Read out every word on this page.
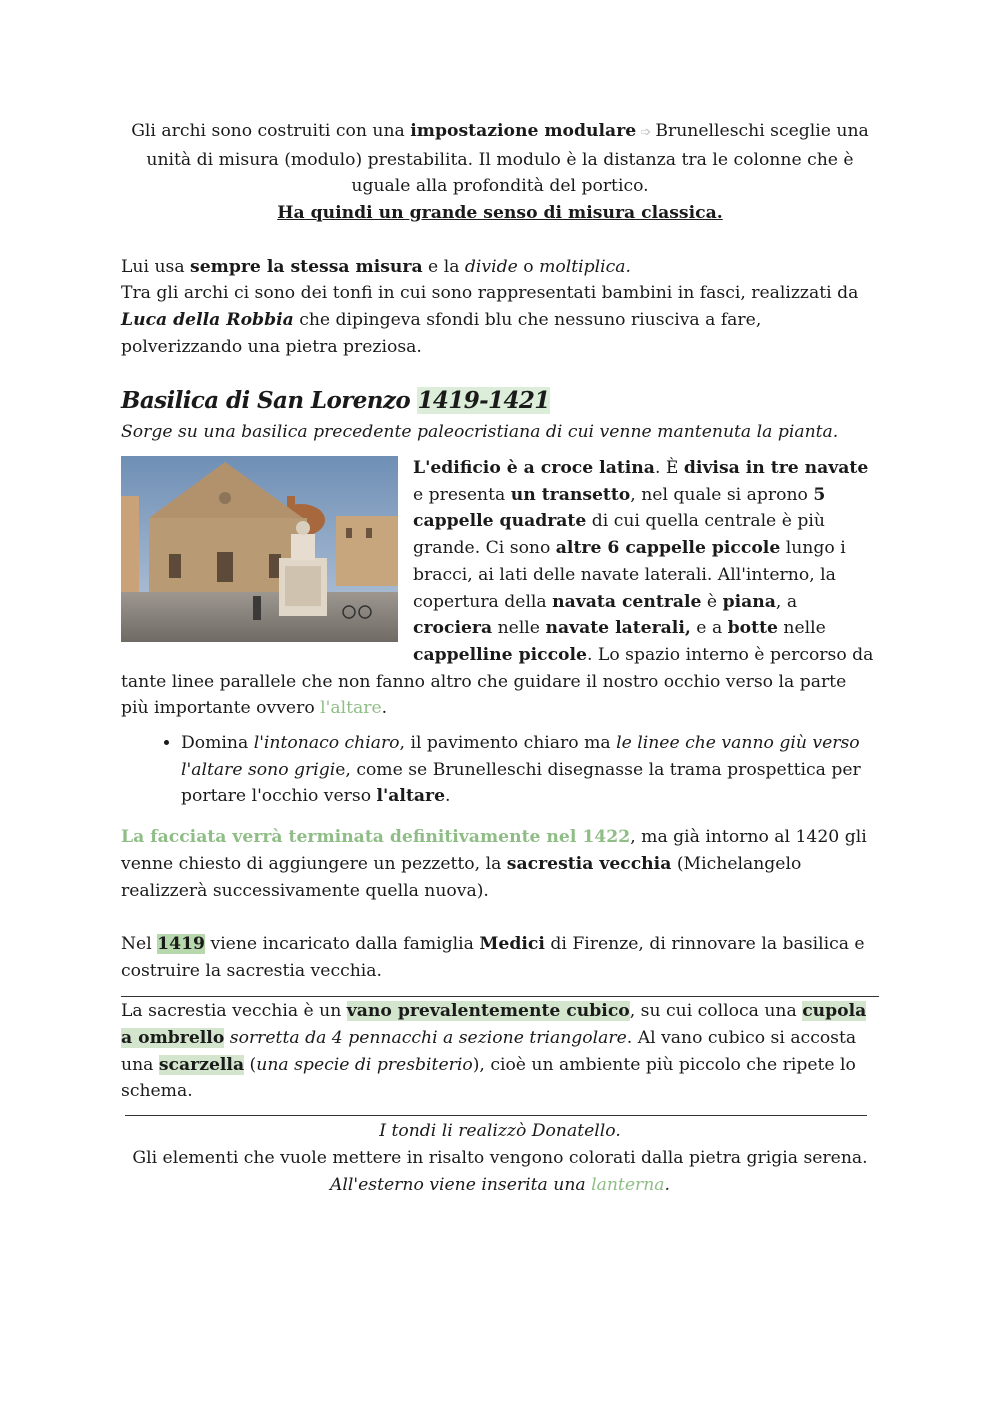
Gli archi sono costruiti con una impostazione modulare ➩ Brunelleschi sceglie una unità di misura (modulo) prestabilita. Il modulo è la distanza tra le colonne che è uguale alla profondità del portico.
Ha quindi un grande senso di misura classica.

Lui usa sempre la stessa misura e la divide o moltiplica.

Tra gli archi ci sono dei tonfi in cui sono rappresentati bambini in fasci, realizzati da Luca della Robbia che dipingeva sfondi blu che nessuno riusciva a fare, polverizzando una pietra preziosa.

Basilica di San Lorenzo 1419-1421

Sorge su una basilica precedente paleocristiana di cui venne mantenuta la pianta.

L'edificio è a croce latina. È divisa in tre navate e presenta un transetto, nel quale si aprono 5 cappelle quadrate di cui quella centrale è più grande. Ci sono altre 6 cappelle piccole lungo i bracci, ai lati delle navate laterali. All'interno, la copertura della navata centrale è piana, a crociera nelle navate laterali, e a botte nelle cappelline piccole. Lo spazio interno è percorso da tante linee parallele che non fanno altro che guidare il nostro occhio verso la parte più importante ovvero l'altare.

• Domina l'intonaco chiaro, il pavimento chiaro ma le linee che vanno giù verso l'altare sono grigie, come se Brunelleschi disegnasse la trama prospettica per portare l'occhio verso l'altare.

La facciata verrà terminata definitivamente nel 1422, ma già intorno al 1420 gli venne chiesto di aggiungere un pezzetto, la sacrestia vecchia (Michelangelo realizzerà successivamente quella nuova).

Nel 1419 viene incaricato dalla famiglia Medici di Firenze, di rinnovare la basilica e costruire la sacrestia vecchia.

La sacrestia vecchia è un vano prevalentemente cubico, su cui colloca una cupola a ombrello sorretta da 4 pennacchi a sezione triangolare. Al vano cubico si accosta una scarzella (una specie di presbiterio), cioè un ambiente più piccolo che ripete lo schema.

I tondi li realizzò Donatello.
Gli elementi che vuole mettere in risalto vengono colorati dalla pietra grigia serena.
All'esterno viene inserita una lanterna.
